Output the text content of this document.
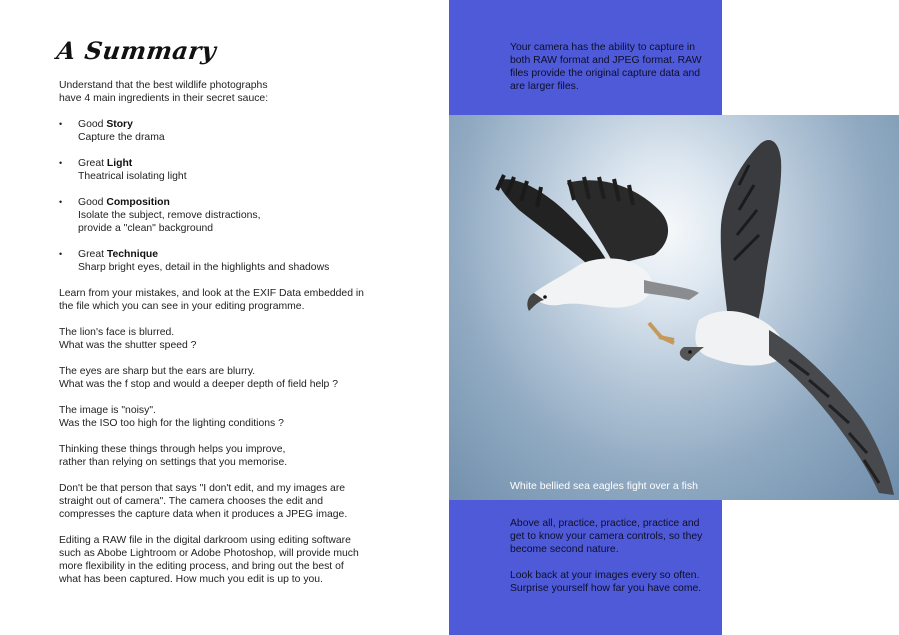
A Summary

Understand that the best wildlife photographs
have 4 main ingredients in their secret sauce:

• Good Story
Capture the drama
• Great Light
Theatrical isolating light
• Good Composition
Isolate the subject, remove distractions,
provide a "clean" background
• Great Technique
Sharp bright eyes, detail in the highlights and shadows

Learn from your mistakes, and look at the EXIF Data embedded in
the file which you can see in your editing programme.

The lion's face is blurred.
What was the shutter speed ?

The eyes are sharp but the ears are blurry.
What was the f stop and would a deeper depth of field help ?

The image is "noisy".
Was the ISO too high for the lighting conditions ?

Thinking these things through helps you improve,
rather than relying on settings that you memorise.

Don't be that person that says "I don't edit, and my images are
straight out of camera". The camera chooses the edit and
compresses the capture data when it produces a JPEG image.

Editing a RAW file in the digital darkroom using editing software
such as Abobe Lightroom or Adobe Photoshop, will provide much
more flexibility in the editing process, and bring out the best of
what has been captured. How much you edit is up to you.

Your camera has the ability to capture in both RAW format and JPEG format. RAW files provide the original capture data and are larger files.

White bellied sea eagles fight over a fish

Above all, practice, practice, practice and get to know your camera controls, so they become second nature.

Look back at your images every so often. Surprise yourself how far you have come.
